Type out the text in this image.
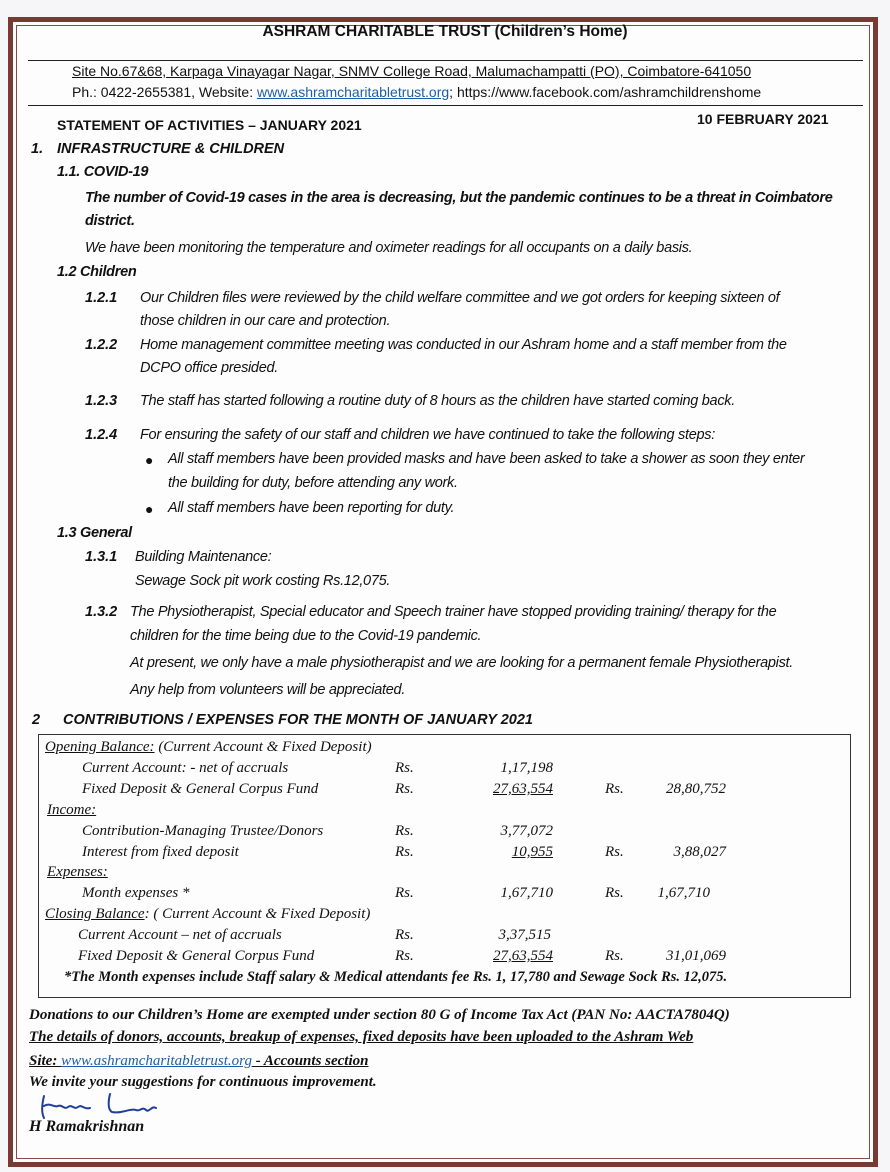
ASHRAM CHARITABLE TRUST (Children’s Home)
Site No.67&68, Karpaga Vinayagar Nagar, SNMV College Road, Malumachampatti (PO), Coimbatore-641050
Ph.: 0422-2655381, Website: www.ashramcharitabletrust.org; https://www.facebook.com/ashramchildrenshome
STATEMENT OF ACTIVITIES – JANUARY 2021	10 FEBRUARY 2021
1. INFRASTRUCTURE & CHILDREN
1.1. COVID-19
The number of Covid-19 cases in the area is decreasing, but the pandemic continues to be a threat in Coimbatore
district.
We have been monitoring the temperature and oximeter readings for all occupants on a daily basis.
1.2 Children
1.2.1 Our Children files were reviewed by the child welfare committee and we got orders for keeping sixteen of
those children in our care and protection.
1.2.2 Home management committee meeting was conducted in our Ashram home and a staff member from the
DCPO office presided.
1.2.3 The staff has started following a routine duty of 8 hours as the children have started coming back.
1.2.4 For ensuring the safety of our staff and children we have continued to take the following steps:
● All staff members have been provided masks and have been asked to take a shower as soon they enter
the building for duty, before attending any work.
● All staff members have been reporting for duty.
1.3 General
1.3.1 Building Maintenance:
Sewage Sock pit work costing Rs.12,075.
1.3.2 The Physiotherapist, Special educator and Speech trainer have stopped providing training/ therapy for the
children for the time being due to the Covid-19 pandemic.
At present, we only have a male physiotherapist and we are looking for a permanent female Physiotherapist.
Any help from volunteers will be appreciated.
2 CONTRIBUTIONS / EXPENSES FOR THE MONTH OF JANUARY 2021
Opening Balance: (Current Account & Fixed Deposit)
Current Account: - net of accruals	Rs.	1,17,198
Fixed Deposit & General Corpus Fund	Rs.	27,63,554	Rs.	28,80,752
Income:
Contribution-Managing Trustee/Donors	Rs.	3,77,072
Interest from fixed deposit	Rs.	10,955	Rs.	3,88,027
Expenses:
Month expenses *	Rs.	1,67,710	Rs.	1,67,710
Closing Balance: ( Current Account & Fixed Deposit)
Current Account – net of accruals	Rs.	3,37,515
Fixed Deposit & General Corpus Fund	Rs.	27,63,554	Rs.	31,01,069
*The Month expenses include Staff salary & Medical attendants fee Rs. 1, 17,780 and Sewage Sock Rs. 12,075.
Donations to our Children’s Home are exempted under section 80 G of Income Tax Act (PAN No: AACTA7804Q)
The details of donors, accounts, breakup of expenses, fixed deposits have been uploaded to the Ashram Web
Site: www.ashramcharitabletrust.org - Accounts section
We invite your suggestions for continuous improvement.
H Ramakrishnan
